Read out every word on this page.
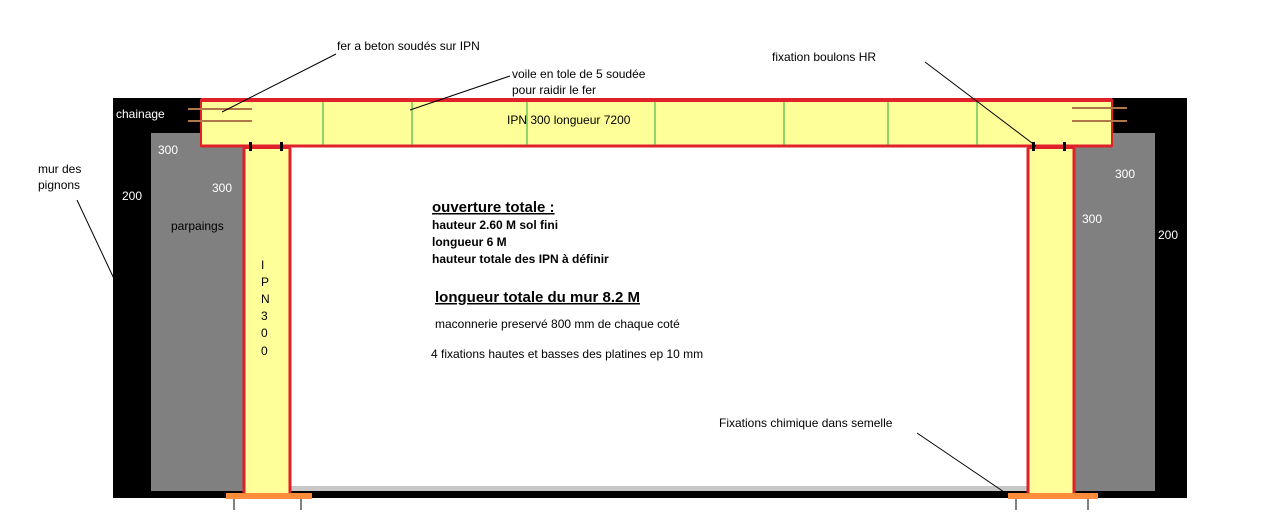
fer a beton soudés sur IPN
voile en tole de 5 soudée
pour raidir le fer
fixation boulons HR
chainage
mur des
pignons
IPN 300 longueur 7200
parpaings
Fixations chimique dans semelle
300
300
200
300
300
200
I
P
N
3
0
0
ouverture totale :
hauteur 2.60 M sol fini
longueur 6 M
hauteur totale des IPN à définir
longueur totale du mur 8.2 M
maconnerie preservé 800 mm de chaque coté
4 fixations hautes et basses des platines ep 10 mm
